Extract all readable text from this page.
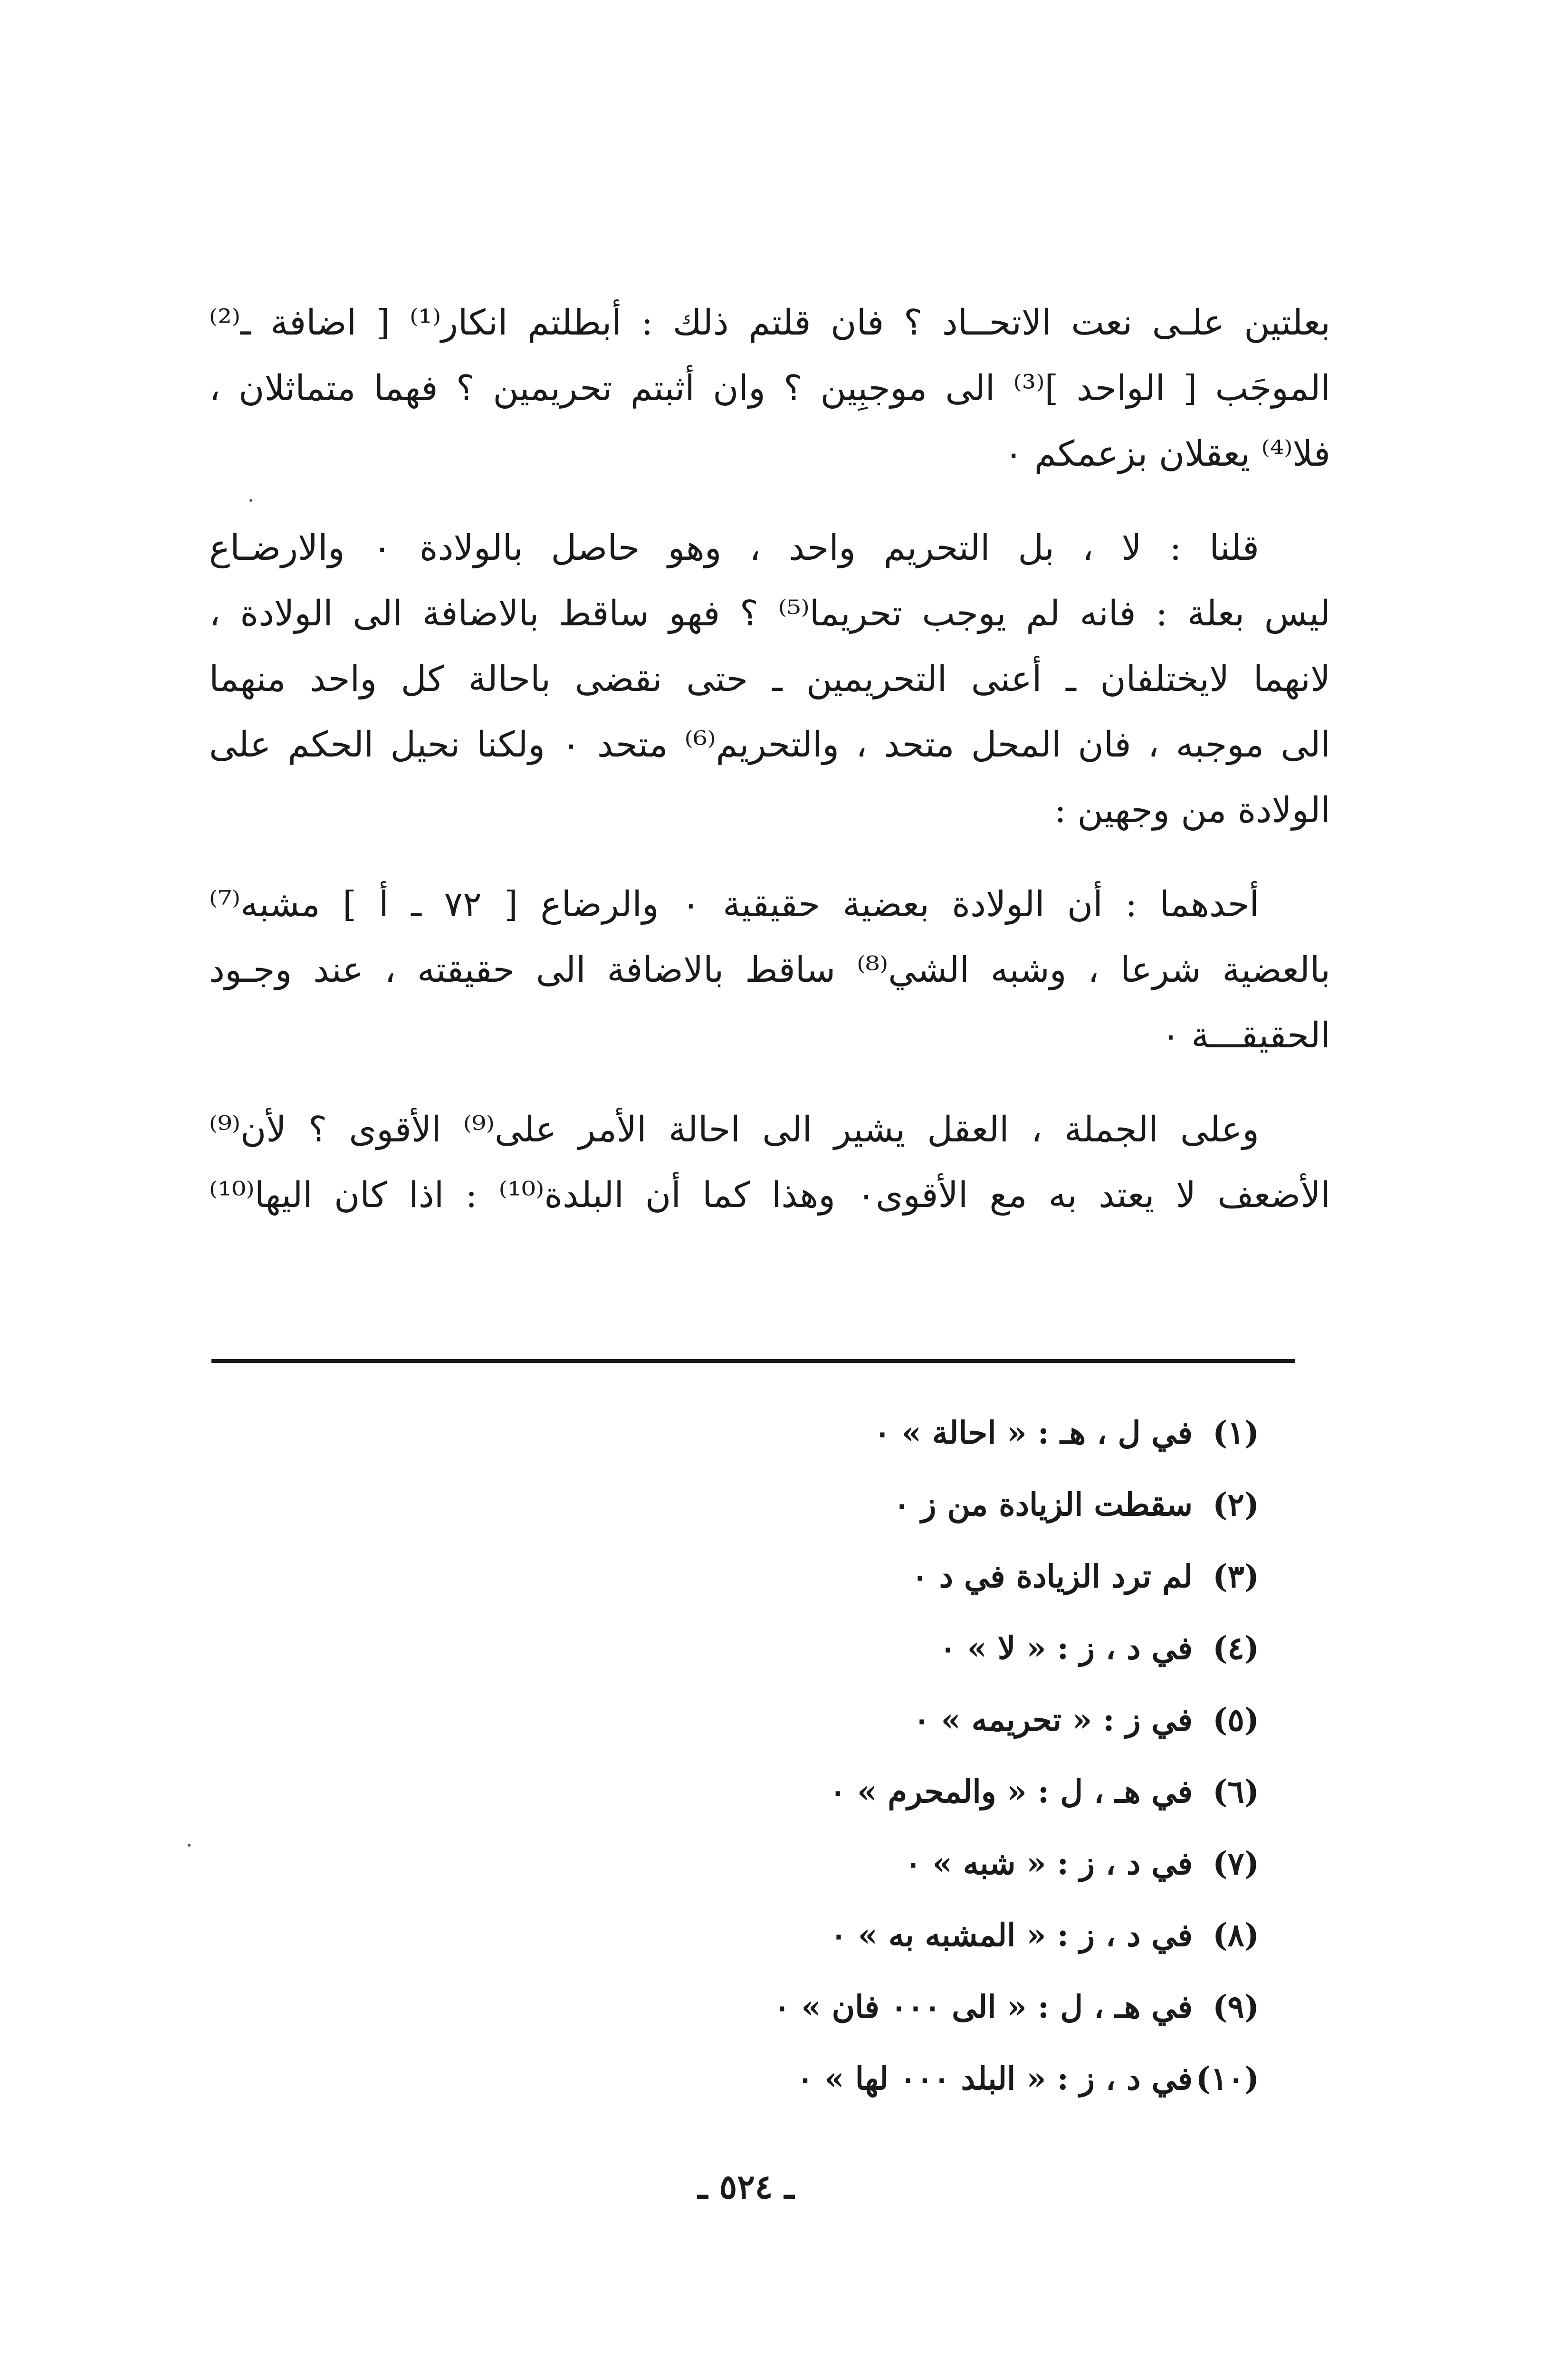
بعلتين علـى نعت الاتحــاد ؟ فان قلتم ذلك : أبطلتم انكار⁽¹⁾ [ اضافة ـ⁽²⁾
الموجَب [ الواحد ]⁽³⁾ الى موجبِين ؟ وان أثبتم تحريمين ؟ فهما متماثلان ،
فلا⁽⁴⁾ يعقلان بزعمكم ٠
قلنا : لا ، بل التحريم واحد ، وهو حاصل بالولادة ٠ والارضـاع
ليس بعلة : فانه لم يوجب تحريما⁽⁵⁾ ؟ فهو ساقط بالاضافة الى الولادة ،
لانهما لايختلفان ـ أعنى التحريمين ـ حتى نقضى باحالة كل واحد منهما
الى موجبه ، فان المحل متحد ، والتحريم⁽⁶⁾ متحد ٠ ولكنا نحيل الحكم على
الولادة من وجهين :
أحدهما : أن الولادة بعضية حقيقية ٠ والرضاع [ ٧٢ ـ أ ] مشبه⁽⁷⁾
بالعضية شرعا ، وشبه الشي⁽⁸⁾ ساقط بالاضافة الى حقيقته ، عند وجـود
الحقيقـــة ٠
وعلى الجملة ، العقل يشير الى احالة الأمر على⁽⁹⁾ الأقوى ؟ لأن⁽⁹⁾
الأضعف لا يعتد به مع الأقوى٠ وهذا كما أن البلدة⁽¹⁰⁾ : اذا كان اليها⁽¹⁰⁾
(١)في ل ، هـ : « احالة » ٠
(٢)سقطت الزيادة من ز ٠
(٣)لم ترد الزيادة في د ٠
(٤)في د ، ز : « لا » ٠
(٥)في ز : « تحريمه » ٠
(٦)في هـ ، ل : « والمحرم » ٠
(٧)في د ، ز : « شبه » ٠
(٨)في د ، ز : « المشبه به » ٠
(٩)في هـ ، ل : « الى ٠٠٠ فان » ٠
(١٠)في د ، ز : « البلد ٠٠٠ لها » ٠
ـ ٥٢٤ ـ
